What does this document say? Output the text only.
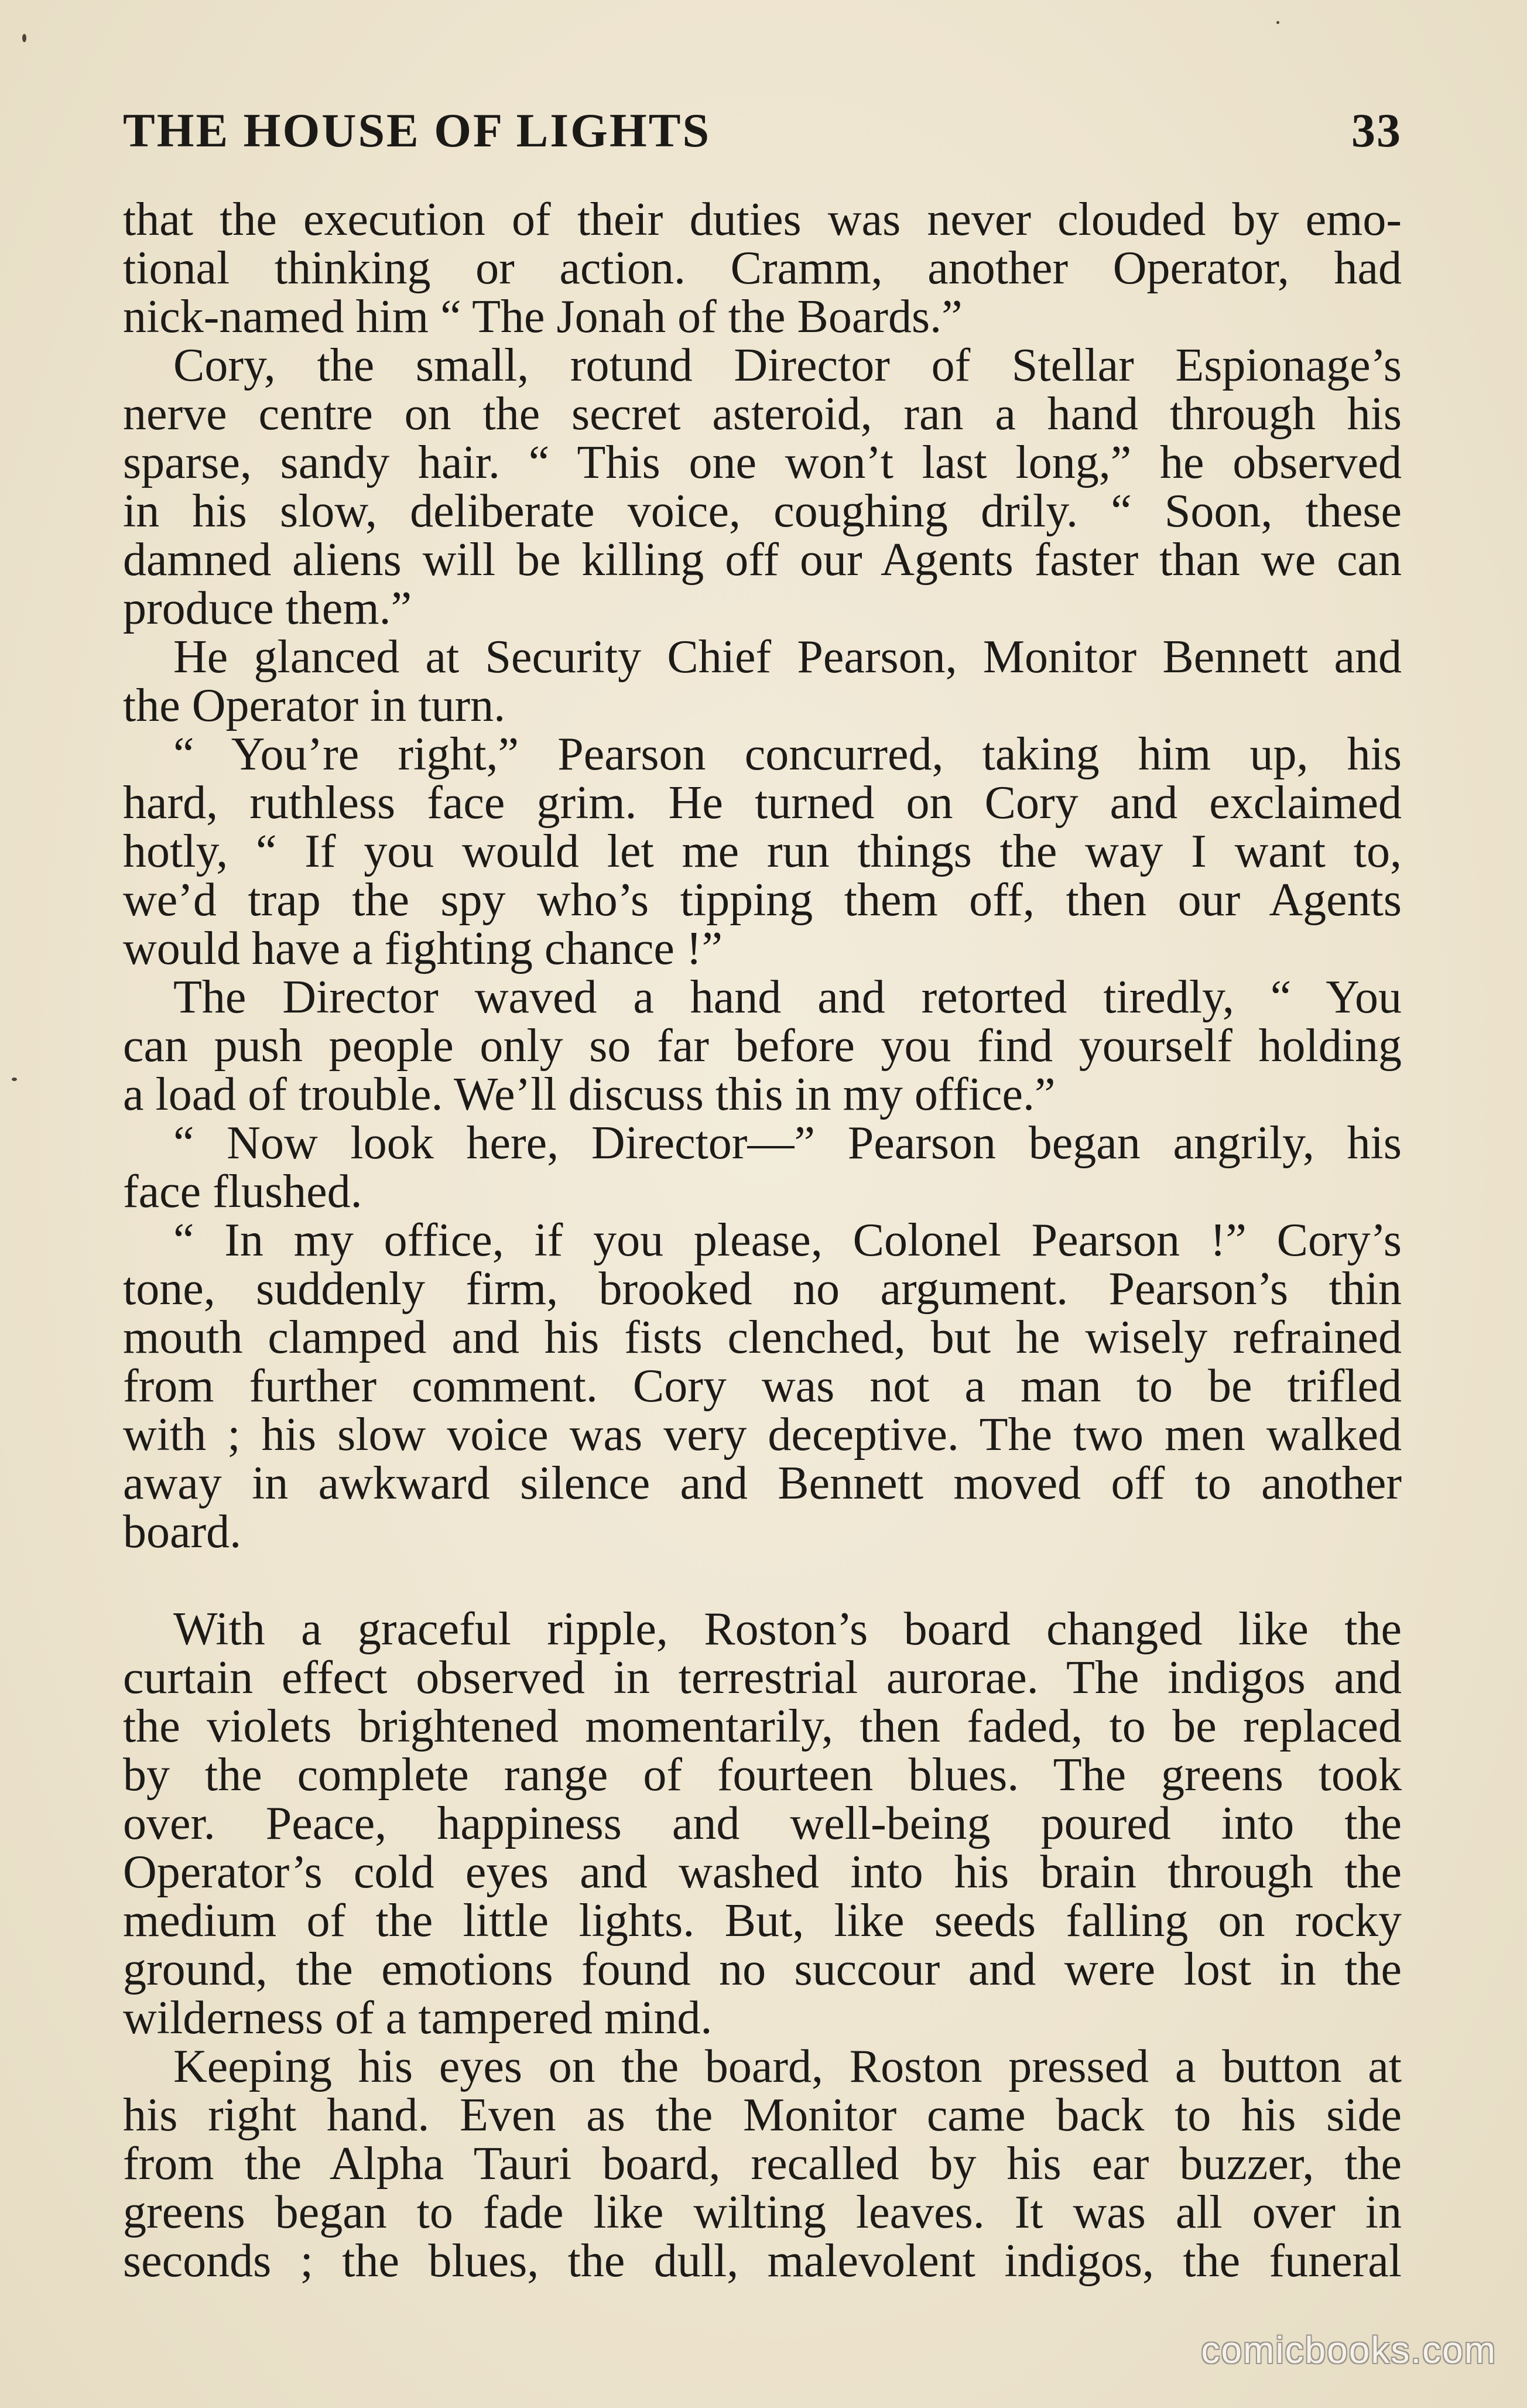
THE HOUSE OF LIGHTS	33
that the execution of their duties was never clouded by emo-
tional thinking or action. Cramm, another Operator, had
nick-named him “ The Jonah of the Boards.”
Cory, the small, rotund Director of Stellar Espionage’s
nerve centre on the secret asteroid, ran a hand through his
sparse, sandy hair. “ This one won’t last long,” he observed
in his slow, deliberate voice, coughing drily. “ Soon, these
damned aliens will be killing off our Agents faster than we can
produce them.”
He glanced at Security Chief Pearson, Monitor Bennett and
the Operator in turn.
“ You’re right,” Pearson concurred, taking him up, his
hard, ruthless face grim. He turned on Cory and exclaimed
hotly, “ If you would let me run things the way I want to,
we’d trap the spy who’s tipping them off, then our Agents
would have a fighting chance !”
The Director waved a hand and retorted tiredly, “ You
can push people only so far before you find yourself holding
a load of trouble. We’ll discuss this in my office.”
“ Now look here, Director—” Pearson began angrily, his
face flushed.
“ In my office, if you please, Colonel Pearson !” Cory’s
tone, suddenly firm, brooked no argument. Pearson’s thin
mouth clamped and his fists clenched, but he wisely refrained
from further comment. Cory was not a man to be trifled
with ; his slow voice was very deceptive. The two men walked
away in awkward silence and Bennett moved off to another
board.
With a graceful ripple, Roston’s board changed like the
curtain effect observed in terrestrial aurorae. The indigos and
the violets brightened momentarily, then faded, to be replaced
by the complete range of fourteen blues. The greens took
over. Peace, happiness and well-being poured into the
Operator’s cold eyes and washed into his brain through the
medium of the little lights. But, like seeds falling on rocky
ground, the emotions found no succour and were lost in the
wilderness of a tampered mind.
Keeping his eyes on the board, Roston pressed a button at
his right hand. Even as the Monitor came back to his side
from the Alpha Tauri board, recalled by his ear buzzer, the
greens began to fade like wilting leaves. It was all over in
seconds ; the blues, the dull, malevolent indigos, the funeral
comicbooks.com
